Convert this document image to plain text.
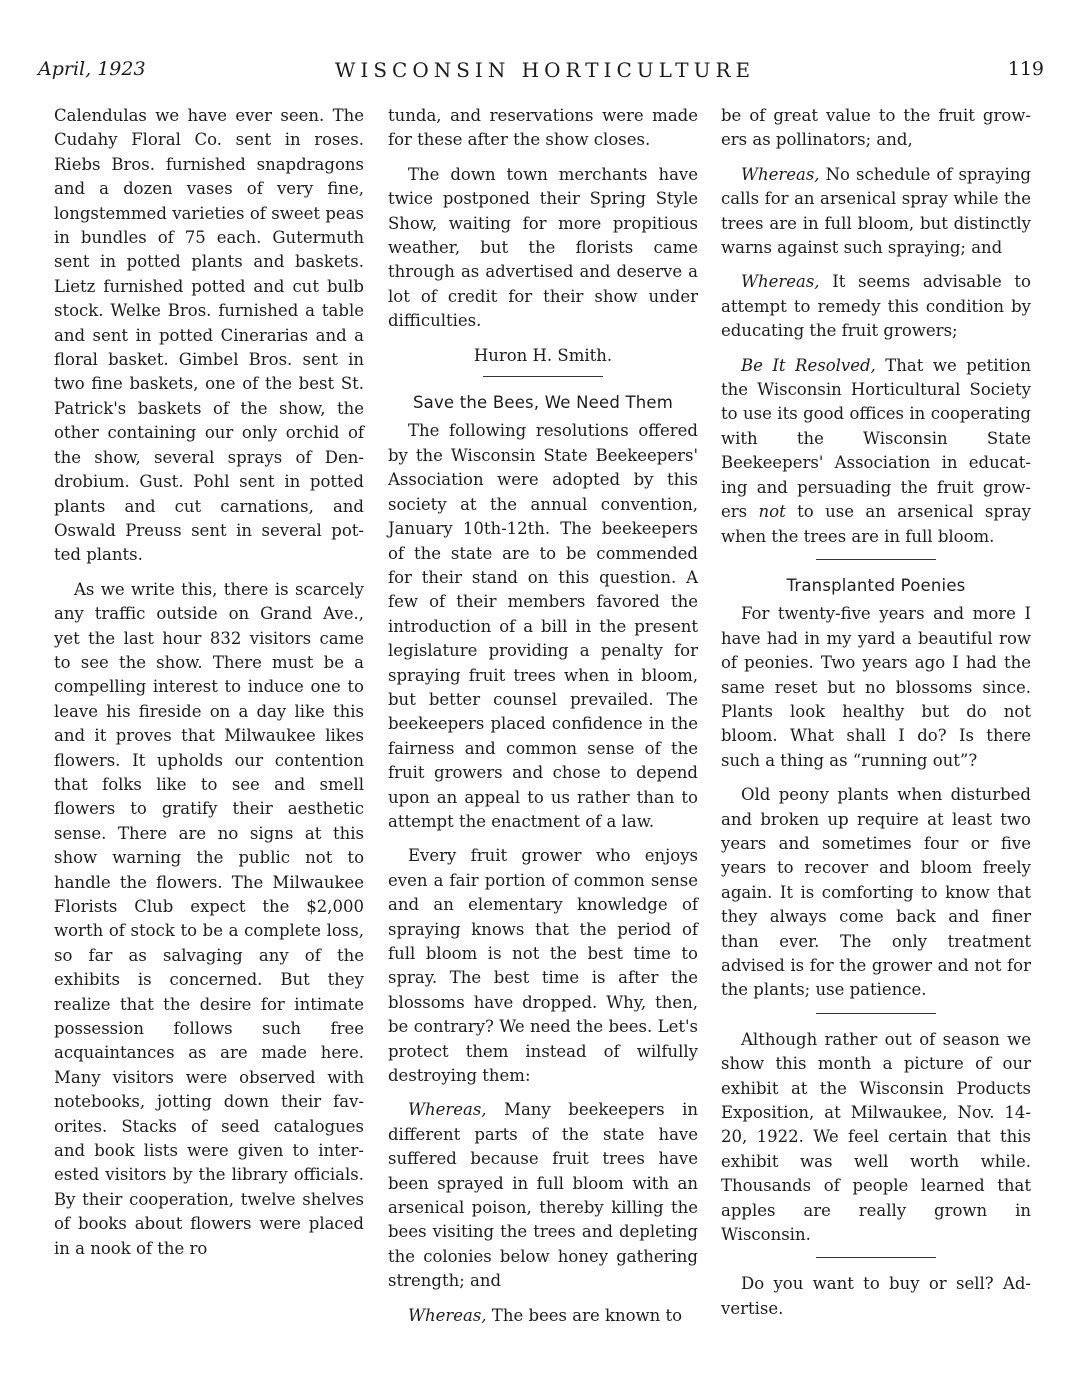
April, 1923	WISCONSIN HORTICULTURE	119

Calendulas we have ever seen. The Cudahy Floral Co. sent in roses. Riebs Bros. furnished snapdragons and a dozen vases of very fine, longstemmed varieties of sweet peas in bundles of 75 each. Gutermuth sent in potted plants and baskets. Lietz furnished potted and cut bulb stock. Welke Bros. furnished a table and sent in potted Cinerarias and a floral basket. Gimbel Bros. sent in two fine baskets, one of the best St. Patrick's baskets of the show, the other containing our only orchid of the show, several sprays of Dendrobium. Gust. Pohl sent in potted plants and cut carnations, and Oswald Preuss sent in several potted plants.

As we write this, there is scarcely any traffic outside on Grand Ave., yet the last hour 832 visitors came to see the show. There must be a compelling interest to induce one to leave his fireside on a day like this and it proves that Milwaukee likes flowers. It upholds our contention that folks like to see and smell flowers to gratify their aesthetic sense. There are no signs at this show warning the public not to handle the flowers. The Milwaukee Florists Club expect the $2,000 worth of stock to be a complete loss, so far as salvaging any of the exhibits is concerned. But they realize that the desire for intimate possession follows such free acquaintances as are made here. Many visitors were observed with notebooks, jotting down their favorites. Stacks of seed catalogues and book lists were given to interested visitors by the library officials. By their cooperation, twelve shelves of books about flowers were placed in a nook of the ro

tunda, and reservations were made for these after the show closes.

The down town merchants have twice postponed their Spring Style Show, waiting for more propitious weather, but the florists came through as advertised and deserve a lot of credit for their show under difficulties.

Huron H. Smith.
Save the Bees, We Need Them

The following resolutions offered by the Wisconsin State Beekeepers' Association were adopted by this society at the annual convention, January 10th-12th. The beekeepers of the state are to be commended for their stand on this question. A few of their members favored the introduction of a bill in the present legislature providing a penalty for spraying fruit trees when in bloom, but better counsel prevailed. The beekeepers placed confidence in the fairness and common sense of the fruit growers and chose to depend upon an appeal to us rather than to attempt the enactment of a law.

Every fruit grower who enjoys even a fair portion of common sense and an elementary knowledge of spraying knows that the period of full bloom is not the best time to spray. The best time is after the blossoms have dropped. Why, then, be contrary? We need the bees. Let's protect them instead of wilfully destroying them:

Whereas, Many beekeepers in different parts of the state have suffered because fruit trees have been sprayed in full bloom with an arsenical poison, thereby killing the bees visiting the trees and depleting the colonies below honey gathering strength; and

Whereas, The bees are known to

be of great value to the fruit growers as pollinators; and,

Whereas, No schedule of spraying calls for an arsenical spray while the trees are in full bloom, but distinctly warns against such spraying; and

Whereas, It seems advisable to attempt to remedy this condition by educating the fruit growers;

Be It Resolved, That we petition the Wisconsin Horticultural Society to use its good offices in cooperating with the Wisconsin State Beekeepers' Association in educating and persuading the fruit growers not to use an arsenical spray when the trees are in full bloom.

Transplanted Poenies

For twenty-five years and more I have had in my yard a beautiful row of peonies. Two years ago I had the same reset but no blossoms since. Plants look healthy but do not bloom. What shall I do? Is there such a thing as “running out”?

Old peony plants when disturbed and broken up require at least two years and sometimes four or five years to recover and bloom freely again. It is comforting to know that they always come back and finer than ever. The only treatment advised is for the grower and not for the plants; use patience.

Although rather out of season we show this month a picture of our exhibit at the Wisconsin Products Exposition, at Milwaukee, Nov. 14-20, 1922. We feel certain that this exhibit was well worth while. Thousands of people learned that apples are really grown in Wisconsin.

Do you want to buy or sell? Advertise.
